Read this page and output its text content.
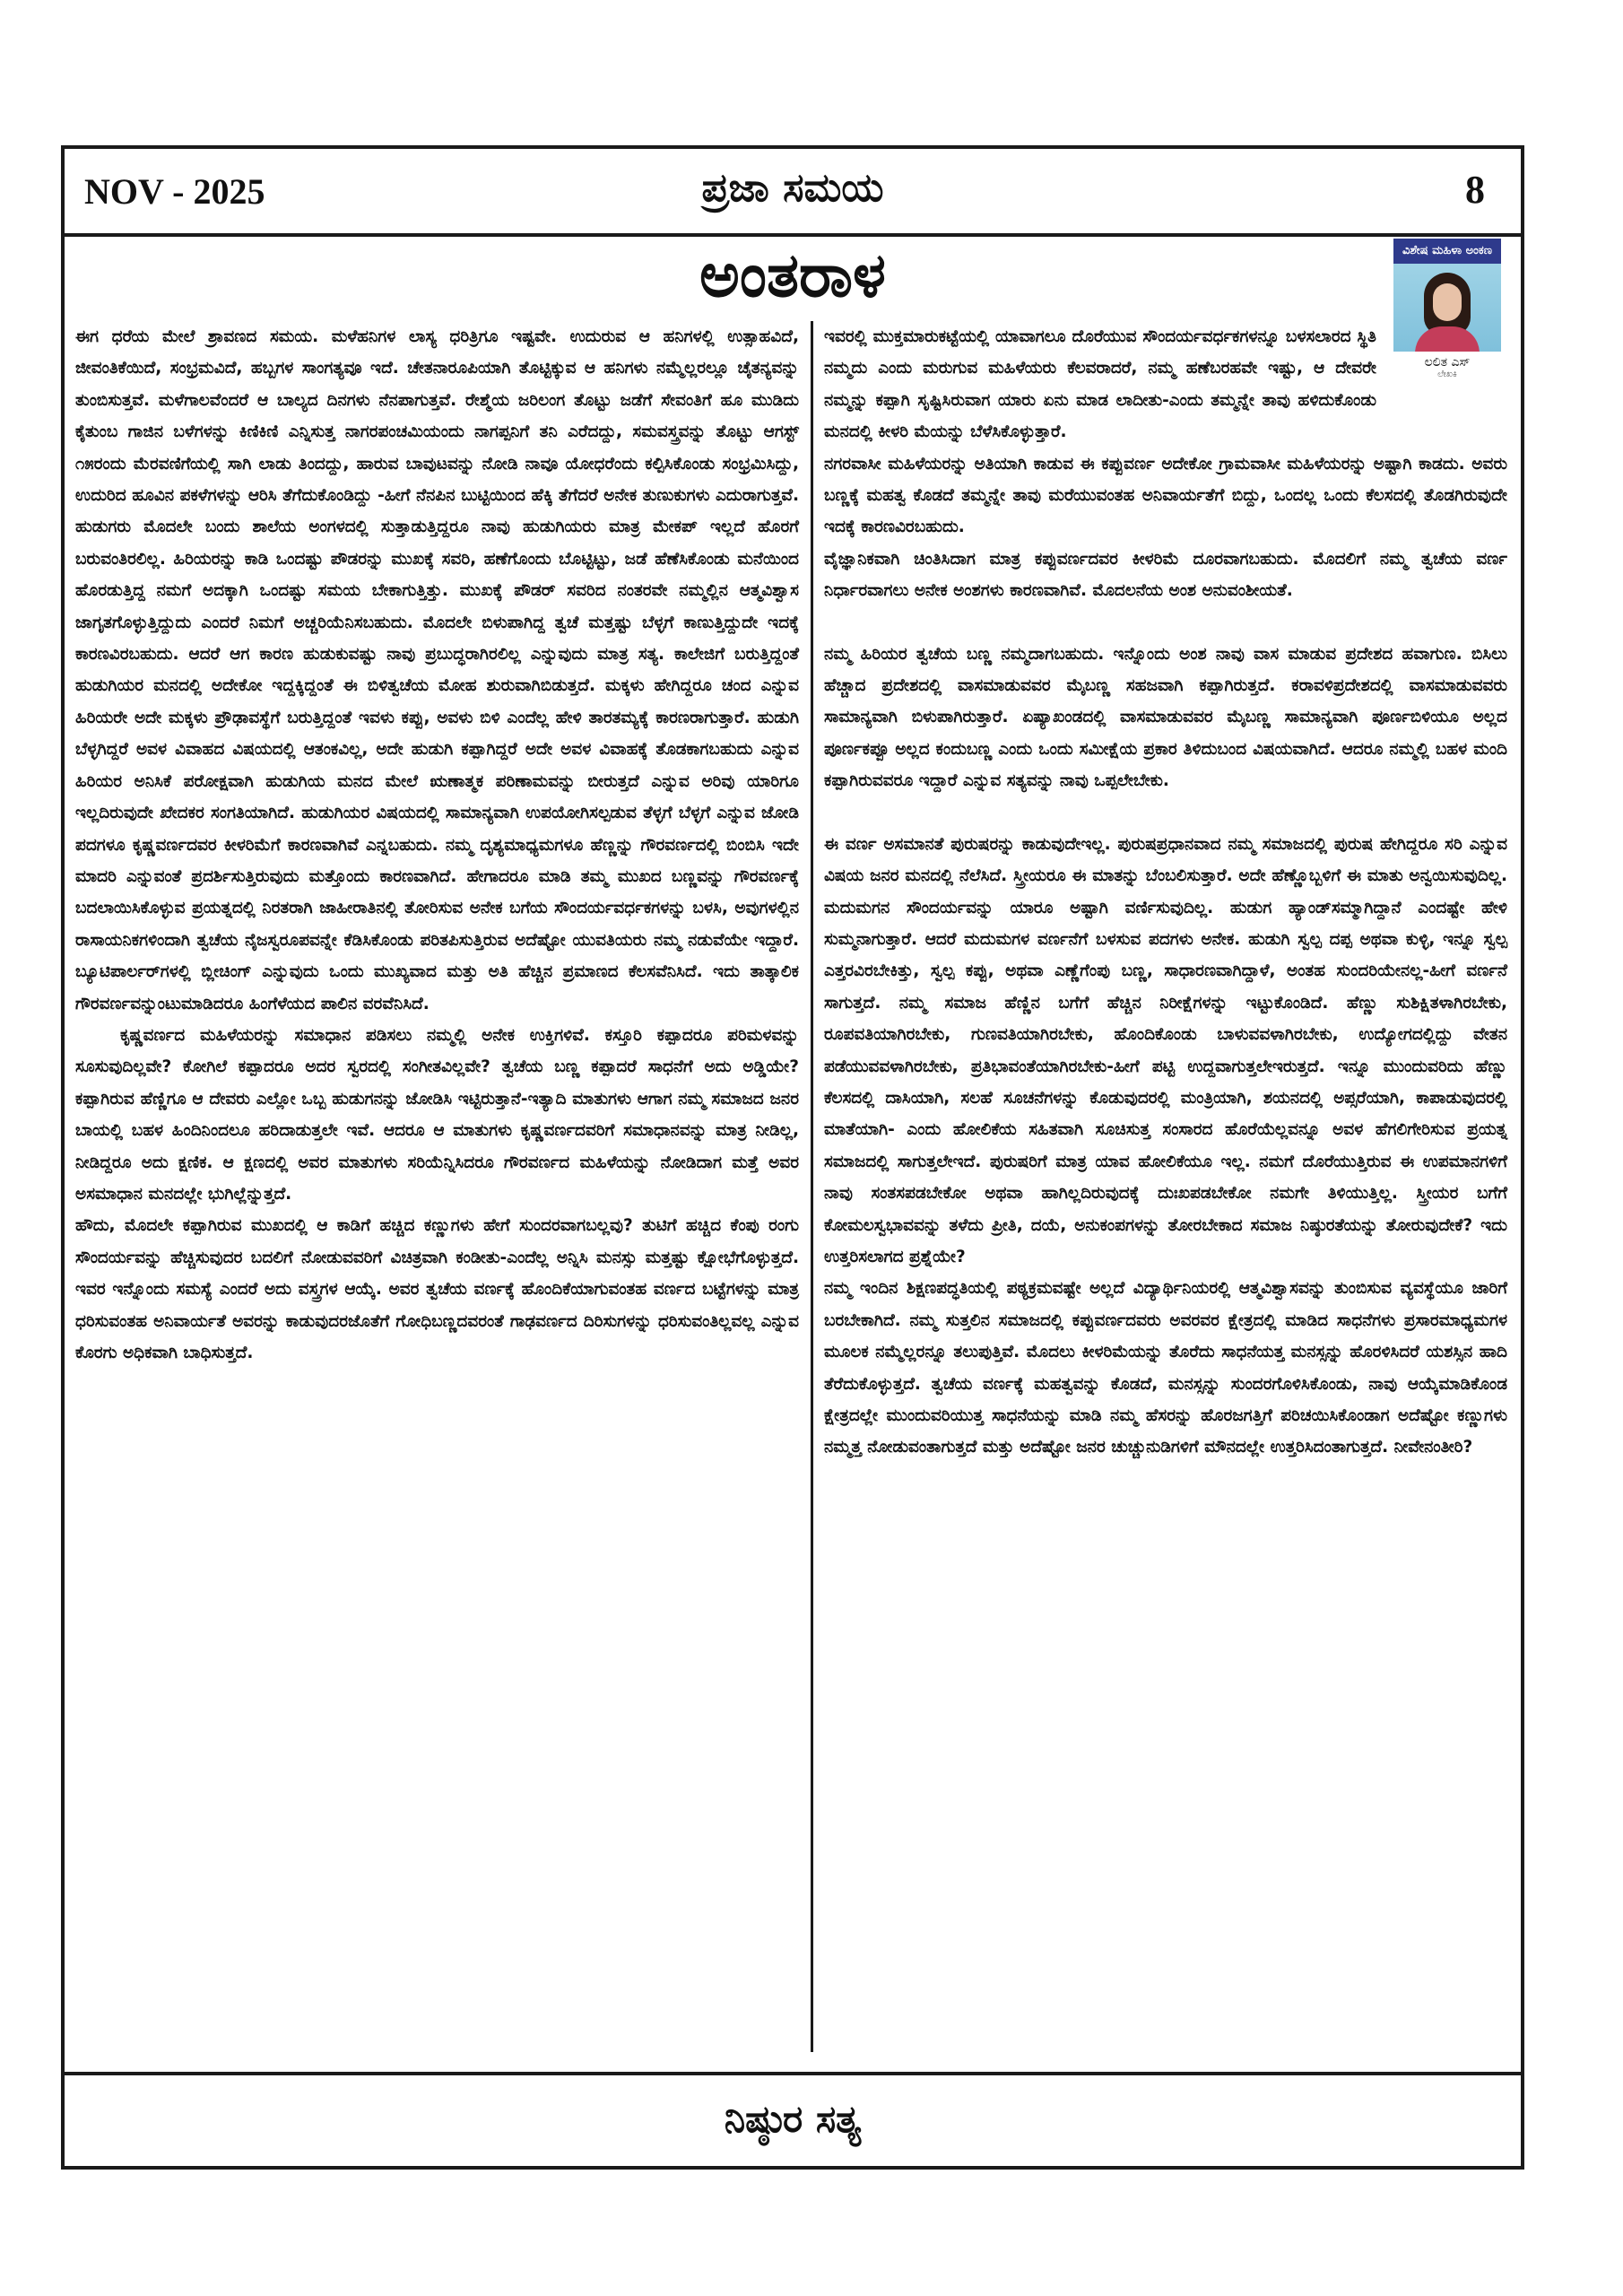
NOV - 2025	ಪ್ರಜಾ ಸಮಯ	8
ಅಂತರಾಳ	ವಿಶೇಷ ಮಹಿಳಾ ಅಂಕಣ
ಲಲಿತ ಎಸ್
ಲೇಖಕಿ

ಈಗ ಧರೆಯ ಮೇಲೆ ಶ್ರಾವಣದ ಸಮಯ. ಮಳೆಹನಿಗಳ ಲಾಸ್ಯ ಧರಿತ್ರಿಗೂ ಇಷ್ಟವೇ. ಉದುರುವ ಆ ಹನಿಗಳಲ್ಲಿ ಉತ್ಸಾಹವಿದೆ, ಜೀವಂತಿಕೆಯಿದೆ, ಸಂಭ್ರಮವಿದೆ, ಹಬ್ಬಗಳ ಸಾಂಗತ್ಯವೂ ಇದೆ. ಚೇತನಾರೂಪಿಯಾಗಿ ತೊಟ್ಟಿಕ್ಕುವ ಆ ಹನಿಗಳು ನಮ್ಮೆಲ್ಲರಲ್ಲೂ ಚೈತನ್ಯವನ್ನು ತುಂಬಿಸುತ್ತವೆ. ಮಳೆಗಾಲವೆಂದರೆ ಆ ಬಾಲ್ಯದ ದಿನಗಳು ನೆನಪಾಗುತ್ತವೆ. ರೇಶ್ಮೆಯ ಜರಿಲಂಗ ತೊಟ್ಟು ಜಡೆಗೆ ಸೇವಂತಿಗೆ ಹೂ ಮುಡಿದು ಕೈತುಂಬ ಗಾಜಿನ ಬಳೆಗಳನ್ನು ಕಿಣಿಕಿಣಿ ಎನ್ನಿಸುತ್ತ ನಾಗರಪಂಚಮಿಯಂದು ನಾಗಪ್ಪನಿಗೆ ತನಿ ಎರೆದದ್ದು, ಸಮವಸ್ತ್ರವನ್ನು ತೊಟ್ಟು ಆಗಸ್ಟ್ ೧೫ರಂದು ಮೆರವಣಿಗೆಯಲ್ಲಿ ಸಾಗಿ ಲಾಡು ತಿಂದದ್ದು, ಹಾರುವ ಬಾವುಟವನ್ನು ನೋಡಿ ನಾವೂ ಯೋಧರೆಂದು ಕಲ್ಪಿಸಿಕೊಂಡು ಸಂಭ್ರಮಿಸಿದ್ದು, ಉದುರಿದ ಹೂವಿನ ಪಕಳೆಗಳನ್ನು ಆರಿಸಿ ತೆಗೆದುಕೊಂಡಿದ್ದು -ಹೀಗೆ ನೆನಪಿನ ಬುಟ್ಟಿಯಿಂದ ಹೆಕ್ಕಿ ತೆಗೆದರೆ ಅನೇಕ ತುಣುಕುಗಳು ಎದುರಾಗುತ್ತವೆ. ಹುಡುಗರು ಮೊದಲೇ ಬಂದು ಶಾಲೆಯ ಅಂಗಳದಲ್ಲಿ ಸುತ್ತಾಡುತ್ತಿದ್ದರೂ ನಾವು ಹುಡುಗಿಯರು ಮಾತ್ರ ಮೇಕಪ್ ಇಲ್ಲದೆ ಹೊರಗೆ ಬರುವಂತಿರಲಿಲ್ಲ. ಹಿರಿಯರನ್ನು ಕಾಡಿ ಒಂದಷ್ಟು ಪೌಡರನ್ನು ಮುಖಕ್ಕೆ ಸವರಿ, ಹಣೆಗೊಂದು ಬೊಟ್ಟಿಟ್ಟು, ಜಡೆ ಹೆಣೆಸಿಕೊಂಡು ಮನೆಯಿಂದ ಹೊರಡುತ್ತಿದ್ದ ನಮಗೆ ಅದಕ್ಕಾಗಿ ಒಂದಷ್ಟು ಸಮಯ ಬೇಕಾಗುತ್ತಿತ್ತು. ಮುಖಕ್ಕೆ ಪೌಡರ್ ಸವರಿದ ನಂತರವೇ ನಮ್ಮಲ್ಲಿನ ಆತ್ಮವಿಶ್ವಾಸ ಜಾಗೃತಗೊಳ್ಳುತ್ತಿದ್ದುದು ಎಂದರೆ ನಿಮಗೆ ಅಚ್ಚರಿಯೆನಿಸಬಹುದು. ಮೊದಲೇ ಬಿಳುಪಾಗಿದ್ದ ತ್ವಚೆ ಮತ್ತಷ್ಟು ಬೆಳ್ಳಗೆ ಕಾಣುತ್ತಿದ್ದುದೇ ಇದಕ್ಕೆ ಕಾರಣವಿರಬಹುದು. ಆದರೆ ಆಗ ಕಾರಣ ಹುಡುಕುವಷ್ಟು ನಾವು ಪ್ರಬುದ್ಧರಾಗಿರಲಿಲ್ಲ ಎನ್ನುವುದು ಮಾತ್ರ ಸತ್ಯ. ಕಾಲೇಜಿಗೆ ಬರುತ್ತಿದ್ದಂತೆ ಹುಡುಗಿಯರ ಮನದಲ್ಲಿ ಅದೇಕೋ ಇದ್ದಕ್ಕಿದ್ದಂತೆ ಈ ಬಿಳಿತ್ವಚೆಯ ಮೋಹ ಶುರುವಾಗಿಬಿಡುತ್ತದೆ. ಮಕ್ಕಳು ಹೇಗಿದ್ದರೂ ಚಂದ ಎನ್ನುವ ಹಿರಿಯರೇ ಅದೇ ಮಕ್ಕಳು ಪ್ರೌಢಾವಸ್ಥೆಗೆ ಬರುತ್ತಿದ್ದಂತೆ ಇವಳು ಕಪ್ಪು, ಅವಳು ಬಿಳಿ ಎಂದೆಲ್ಲ ಹೇಳಿ ತಾರತಮ್ಯಕ್ಕೆ ಕಾರಣರಾಗುತ್ತಾರೆ. ಹುಡುಗಿ ಬೆಳ್ಳಗಿದ್ದರೆ ಅವಳ ವಿವಾಹದ ವಿಷಯದಲ್ಲಿ ಆತಂಕವಿಲ್ಲ, ಅದೇ ಹುಡುಗಿ ಕಪ್ಪಾಗಿದ್ದರೆ ಅದೇ ಅವಳ ವಿವಾಹಕ್ಕೆ ತೊಡಕಾಗಬಹುದು ಎನ್ನುವ ಹಿರಿಯರ ಅನಿಸಿಕೆ ಪರೋಕ್ಷವಾಗಿ ಹುಡುಗಿಯ ಮನದ ಮೇಲೆ ಋಣಾತ್ಮಕ ಪರಿಣಾಮವನ್ನು ಬೀರುತ್ತದೆ ಎನ್ನುವ ಅರಿವು ಯಾರಿಗೂ ಇಲ್ಲದಿರುವುದೇ ಖೇದಕರ ಸಂಗತಿಯಾಗಿದೆ. ಹುಡುಗಿಯರ ವಿಷಯದಲ್ಲಿ ಸಾಮಾನ್ಯವಾಗಿ ಉಪಯೋಗಿಸಲ್ಪಡುವ ತೆಳ್ಳಗೆ ಬೆಳ್ಳಗೆ ಎನ್ನುವ ಜೋಡಿ ಪದಗಳೂ ಕೃಷ್ಣವರ್ಣದವರ ಕೀಳರಿಮೆಗೆ ಕಾರಣವಾಗಿವೆ ಎನ್ನಬಹುದು. ನಮ್ಮ ದೃಶ್ಯಮಾಧ್ಯಮಗಳೂ ಹೆಣ್ಣನ್ನು ಗೌರವರ್ಣದಲ್ಲಿ ಬಿಂಬಿಸಿ ಇದೇ ಮಾದರಿ ಎನ್ನುವಂತೆ ಪ್ರದರ್ಶಿಸುತ್ತಿರುವುದು ಮತ್ತೊಂದು ಕಾರಣವಾಗಿದೆ. ಹೇಗಾದರೂ ಮಾಡಿ ತಮ್ಮ ಮುಖದ ಬಣ್ಣವನ್ನು ಗೌರವರ್ಣಕ್ಕೆ ಬದಲಾಯಿಸಿಕೊಳ್ಳುವ ಪ್ರಯತ್ನದಲ್ಲಿ ನಿರತರಾಗಿ ಜಾಹೀರಾತಿನಲ್ಲಿ ತೋರಿಸುವ ಅನೇಕ ಬಗೆಯ ಸೌಂದರ್ಯವರ್ಧಕಗಳನ್ನು ಬಳಸಿ, ಅವುಗಳಲ್ಲಿನ ರಾಸಾಯನಿಕಗಳಿಂದಾಗಿ ತ್ವಚೆಯ ನೈಜಸ್ವರೂಪವನ್ನೇ ಕೆಡಿಸಿಕೊಂಡು ಪರಿತಪಿಸುತ್ತಿರುವ ಅದೆಷ್ಟೋ ಯುವತಿಯರು ನಮ್ಮ ನಡುವೆಯೇ ಇದ್ದಾರೆ. ಬ್ಯೂಟಿಪಾರ್ಲರ್‌ಗಳಲ್ಲಿ ಬ್ಲೀಚಿಂಗ್ ಎನ್ನುವುದು ಒಂದು ಮುಖ್ಯವಾದ ಮತ್ತು ಅತಿ ಹೆಚ್ಚಿನ ಪ್ರಮಾಣದ ಕೆಲಸವೆನಿಸಿದೆ. ಇದು ತಾತ್ಕಾಲಿಕ ಗೌರವರ್ಣವನ್ನುಂಟುಮಾಡಿದರೂ ಹಿಂಗೆಳೆಯದ ಪಾಲಿನ ವರವೆನಿಸಿದೆ.

ಕೃಷ್ಣವರ್ಣದ ಮಹಿಳೆಯರನ್ನು ಸಮಾಧಾನ ಪಡಿಸಲು ನಮ್ಮಲ್ಲಿ ಅನೇಕ ಉಕ್ತಿಗಳಿವೆ. ಕಸ್ತೂರಿ ಕಪ್ಪಾದರೂ ಪರಿಮಳವನ್ನು ಸೂಸುವುದಿಲ್ಲವೇ? ಕೋಗಿಲೆ ಕಪ್ಪಾದರೂ ಅದರ ಸ್ವರದಲ್ಲಿ ಸಂಗೀತವಿಲ್ಲವೇ? ತ್ವಚೆಯ ಬಣ್ಣ ಕಪ್ಪಾದರೆ ಸಾಧನೆಗೆ ಅದು ಅಡ್ಡಿಯೇ? ಕಪ್ಪಾಗಿರುವ ಹೆಣ್ಣಿಗೂ ಆ ದೇವರು ಎಲ್ಲೋ ಒಬ್ಬ ಹುಡುಗನನ್ನು ಜೋಡಿಸಿ ಇಟ್ಟಿರುತ್ತಾನೆ-ಇತ್ಯಾದಿ ಮಾತುಗಳು ಆಗಾಗ ನಮ್ಮ ಸಮಾಜದ ಜನರ ಬಾಯಲ್ಲಿ ಬಹಳ ಹಿಂದಿನಿಂದಲೂ ಹರಿದಾಡುತ್ತಲೇ ಇವೆ. ಆದರೂ ಆ ಮಾತುಗಳು ಕೃಷ್ಣವರ್ಣದವರಿಗೆ ಸಮಾಧಾನವನ್ನು ಮಾತ್ರ ನೀಡಿಲ್ಲ, ನೀಡಿದ್ದರೂ ಅದು ಕ್ಷಣಿಕ. ಆ ಕ್ಷಣದಲ್ಲಿ ಅವರ ಮಾತುಗಳು ಸರಿಯೆನ್ನಿಸಿದರೂ ಗೌರವರ್ಣದ ಮಹಿಳೆಯನ್ನು ನೋಡಿದಾಗ ಮತ್ತೆ ಅವರ ಅಸಮಾಧಾನ ಮನದಲ್ಲೇ ಭುಗಿಲ್ಲೆನ್ನುತ್ತದೆ.

ಹೌದು, ಮೊದಲೇ ಕಪ್ಪಾಗಿರುವ ಮುಖದಲ್ಲಿ ಆ ಕಾಡಿಗೆ ಹಚ್ಚಿದ ಕಣ್ಣುಗಳು ಹೇಗೆ ಸುಂದರವಾಗಬಲ್ಲವು? ತುಟಿಗೆ ಹಚ್ಚಿದ ಕೆಂಪು ರಂಗು ಸೌಂದರ್ಯವನ್ನು ಹೆಚ್ಚಿಸುವುದರ ಬದಲಿಗೆ ನೋಡುವವರಿಗೆ ವಿಚಿತ್ರವಾಗಿ ಕಂಡೀತು-ಎಂದೆಲ್ಲ ಅನ್ನಿಸಿ ಮನಸ್ಸು ಮತ್ತಷ್ಟು ಕ್ಷೋಭೆಗೊಳ್ಳುತ್ತದೆ. ಇವರ ಇನ್ನೊಂದು ಸಮಸ್ಯೆ ಎಂದರೆ ಅದು ವಸ್ತ್ರಗಳ ಆಯ್ಕೆ. ಅವರ ತ್ವಚೆಯ ವರ್ಣಕ್ಕೆ ಹೊಂದಿಕೆಯಾಗುವಂತಹ ವರ್ಣದ ಬಟ್ಟೆಗಳನ್ನು ಮಾತ್ರ ಧರಿಸುವಂತಹ ಅನಿವಾರ್ಯತೆ ಅವರನ್ನು ಕಾಡುವುದರಜೊತೆಗೆ ಗೋಧಿಬಣ್ಣದವರಂತೆ ಗಾಢವರ್ಣದ ದಿರಿಸುಗಳನ್ನು ಧರಿಸುವಂತಿಲ್ಲವಲ್ಲ ಎನ್ನುವ ಕೊರಗು ಅಧಿಕವಾಗಿ ಬಾಧಿಸುತ್ತದೆ.

ಇವರಲ್ಲಿ ಮುಕ್ತಮಾರುಕಟ್ಟೆಯಲ್ಲಿ ಯಾವಾಗಲೂ ದೊರೆಯುವ ಸೌಂದರ್ಯವರ್ಧಕಗಳನ್ನೂ ಬಳಸಲಾರದ ಸ್ಥಿತಿ ನಮ್ಮದು ಎಂದು ಮರುಗುವ ಮಹಿಳೆಯರು ಕೆಲವರಾದರೆ, ನಮ್ಮ ಹಣೆಬರಹವೇ ಇಷ್ಟು, ಆ ದೇವರೇ ನಮ್ಮನ್ನು ಕಪ್ಪಾಗಿ ಸೃಷ್ಟಿಸಿರುವಾಗ ಯಾರು ಏನು ಮಾಡ ಲಾದೀತು-ಎಂದು ತಮ್ಮನ್ನೇ ತಾವು ಹಳಿದುಕೊಂಡು ಮನದಲ್ಲಿ ಕೀಳರಿ ಮೆಯನ್ನು ಬೆಳೆಸಿಕೊಳ್ಳುತ್ತಾರೆ.

ನಗರವಾಸೀ ಮಹಿಳೆಯರನ್ನು ಅತಿಯಾಗಿ ಕಾಡುವ ಈ ಕಪ್ಪುವರ್ಣ ಅದೇಕೋ ಗ್ರಾಮವಾಸೀ ಮಹಿಳೆಯರನ್ನು ಅಷ್ಟಾಗಿ ಕಾಡದು. ಅವರು ಬಣ್ಣಕ್ಕೆ ಮಹತ್ವ ಕೊಡದೆ ತಮ್ಮನ್ನೇ ತಾವು ಮರೆಯುವಂತಹ ಅನಿವಾರ್ಯತೆಗೆ ಬಿದ್ದು, ಒಂದಲ್ಲ ಒಂದು ಕೆಲಸದಲ್ಲಿ ತೊಡಗಿರುವುದೇ ಇದಕ್ಕೆ ಕಾರಣವಿರಬಹುದು.

ವೈಜ್ಞಾನಿಕವಾಗಿ ಚಿಂತಿಸಿದಾಗ ಮಾತ್ರ ಕಪ್ಪುವರ್ಣದವರ ಕೀಳರಿಮೆ ದೂರವಾಗಬಹುದು. ಮೊದಲಿಗೆ ನಮ್ಮ ತ್ವಚೆಯ ವರ್ಣ ನಿರ್ಧಾರವಾಗಲು ಅನೇಕ ಅಂಶಗಳು ಕಾರಣವಾಗಿವೆ. ಮೊದಲನೆಯ ಅಂಶ ಅನುವಂಶೀಯತೆ.

ನಮ್ಮ ಹಿರಿಯರ ತ್ವಚೆಯ ಬಣ್ಣ ನಮ್ಮದಾಗಬಹುದು. ಇನ್ನೊಂದು ಅಂಶ ನಾವು ವಾಸ ಮಾಡುವ ಪ್ರದೇಶದ ಹವಾಗುಣ. ಬಿಸಿಲು ಹೆಚ್ಚಾದ ಪ್ರದೇಶದಲ್ಲಿ ವಾಸಮಾಡುವವರ ಮೈಬಣ್ಣ ಸಹಜವಾಗಿ ಕಪ್ಪಾಗಿರುತ್ತದೆ. ಕರಾವಳಿಪ್ರದೇಶದಲ್ಲಿ ವಾಸಮಾಡುವವರು ಸಾಮಾನ್ಯವಾಗಿ ಬಿಳುಪಾಗಿರುತ್ತಾರೆ. ಏಷ್ಯಾಖಂಡದಲ್ಲಿ ವಾಸಮಾಡುವವರ ಮೈಬಣ್ಣ ಸಾಮಾನ್ಯವಾಗಿ ಪೂರ್ಣಬಿಳಿಯೂ ಅಲ್ಲದ ಪೂರ್ಣಕಪ್ಪೂ ಅಲ್ಲದ ಕಂದುಬಣ್ಣ ಎಂದು ಒಂದು ಸಮೀಕ್ಷೆಯ ಪ್ರಕಾರ ತಿಳಿದುಬಂದ ವಿಷಯವಾಗಿದೆ. ಆದರೂ ನಮ್ಮಲ್ಲಿ ಬಹಳ ಮಂದಿ ಕಪ್ಪಾಗಿರುವವರೂ ಇದ್ದಾರೆ ಎನ್ನುವ ಸತ್ಯವನ್ನು ನಾವು ಒಪ್ಪಲೇಬೇಕು.

ಈ ವರ್ಣ ಅಸಮಾನತೆ ಪುರುಷರನ್ನು ಕಾಡುವುದೇಇಲ್ಲ. ಪುರುಷಪ್ರಧಾನವಾದ ನಮ್ಮ ಸಮಾಜದಲ್ಲಿ ಪುರುಷ ಹೇಗಿದ್ದರೂ ಸರಿ ಎನ್ನುವ ವಿಷಯ ಜನರ ಮನದಲ್ಲಿ ನೆಲೆಸಿದೆ. ಸ್ತ್ರೀಯರೂ ಈ ಮಾತನ್ನು ಬೆಂಬಲಿಸುತ್ತಾರೆ. ಅದೇ ಹೆಣ್ಣೊಬ್ಬಳಿಗೆ ಈ ಮಾತು ಅನ್ವಯಿಸುವುದಿಲ್ಲ. ಮದುಮಗನ ಸೌಂದರ್ಯವನ್ನು ಯಾರೂ ಅಷ್ಟಾಗಿ ವರ್ಣಿಸುವುದಿಲ್ಲ. ಹುಡುಗ ಹ್ಯಾಂಡ್‌ಸಮ್ಮಾಗಿದ್ದಾನೆ ಎಂದಷ್ಟೇ ಹೇಳಿ ಸುಮ್ಮನಾಗುತ್ತಾರೆ. ಆದರೆ ಮದುಮಗಳ ವರ್ಣನೆಗೆ ಬಳಸುವ ಪದಗಳು ಅನೇಕ. ಹುಡುಗಿ ಸ್ವಲ್ಪ ದಪ್ಪ ಅಥವಾ ಕುಳ್ಳಿ, ಇನ್ನೂ ಸ್ವಲ್ಪ ಎತ್ತರವಿರಬೇಕಿತ್ತು, ಸ್ವಲ್ಪ ಕಪ್ಪು, ಅಥವಾ ಎಣ್ಣೆಗೆಂಪು ಬಣ್ಣ, ಸಾಧಾರಣವಾಗಿದ್ದಾಳೆ, ಅಂತಹ ಸುಂದರಿಯೇನಲ್ಲ-ಹೀಗೆ ವರ್ಣನೆ ಸಾಗುತ್ತದೆ. ನಮ್ಮ ಸಮಾಜ ಹೆಣ್ಣಿನ ಬಗೆಗೆ ಹೆಚ್ಚಿನ ನಿರೀಕ್ಷೆಗಳನ್ನು ಇಟ್ಟುಕೊಂಡಿದೆ. ಹೆಣ್ಣು ಸುಶಿಕ್ಷಿತಳಾಗಿರಬೇಕು, ರೂಪವತಿಯಾಗಿರಬೇಕು, ಗುಣವತಿಯಾಗಿರಬೇಕು, ಹೊಂದಿಕೊಂಡು ಬಾಳುವವಳಾಗಿರಬೇಕು, ಉದ್ಯೋಗದಲ್ಲಿದ್ದು ವೇತನ ಪಡೆಯುವವಳಾಗಿರಬೇಕು, ಪ್ರತಿಭಾವಂತೆಯಾಗಿರಬೇಕು-ಹೀಗೆ ಪಟ್ಟಿ ಉದ್ದವಾಗುತ್ತಲೇಇರುತ್ತದೆ. ಇನ್ನೂ ಮುಂದುವರಿದು ಹೆಣ್ಣು ಕೆಲಸದಲ್ಲಿ ದಾಸಿಯಾಗಿ, ಸಲಹೆ ಸೂಚನೆಗಳನ್ನು ಕೊಡುವುದರಲ್ಲಿ ಮಂತ್ರಿಯಾಗಿ, ಶಯನದಲ್ಲಿ ಅಪ್ಸರೆಯಾಗಿ, ಕಾಪಾಡುವುದರಲ್ಲಿ ಮಾತೆಯಾಗಿ- ಎಂದು ಹೋಲಿಕೆಯ ಸಹಿತವಾಗಿ ಸೂಚಿಸುತ್ತ ಸಂಸಾರದ ಹೊರೆಯೆಲ್ಲವನ್ನೂ ಅವಳ ಹೆಗಲಿಗೇರಿಸುವ ಪ್ರಯತ್ನ ಸಮಾಜದಲ್ಲಿ ಸಾಗುತ್ತಲೇಇದೆ. ಪುರುಷರಿಗೆ ಮಾತ್ರ ಯಾವ ಹೋಲಿಕೆಯೂ ಇಲ್ಲ. ನಮಗೆ ದೊರೆಯುತ್ತಿರುವ ಈ ಉಪಮಾನಗಳಿಗೆ ನಾವು ಸಂತಸಪಡಬೇಕೋ ಅಥವಾ ಹಾಗಿಲ್ಲದಿರುವುದಕ್ಕೆ ದುಃಖಪಡಬೇಕೋ ನಮಗೇ ತಿಳಿಯುತ್ತಿಲ್ಲ. ಸ್ತ್ರೀಯರ ಬಗೆಗೆ ಕೋಮಲಸ್ವಭಾವವನ್ನು ತಳೆದು ಪ್ರೀತಿ, ದಯೆ, ಅನುಕಂಪಗಳನ್ನು ತೋರಬೇಕಾದ ಸಮಾಜ ನಿಷ್ಠುರತೆಯನ್ನು ತೋರುವುದೇಕೆ? ಇದು ಉತ್ತರಿಸಲಾಗದ ಪ್ರಶ್ನೆಯೇ?

ನಮ್ಮ ಇಂದಿನ ಶಿಕ್ಷಣಪದ್ಧತಿಯಲ್ಲಿ ಪಠ್ಯಕ್ರಮವಷ್ಟೇ ಅಲ್ಲದೆ ವಿದ್ಯಾರ್ಥಿನಿಯರಲ್ಲಿ ಆತ್ಮವಿಶ್ವಾಸವನ್ನು ತುಂಬಿಸುವ ವ್ಯವಸ್ಥೆಯೂ ಜಾರಿಗೆ ಬರಬೇಕಾಗಿದೆ. ನಮ್ಮ ಸುತ್ತಲಿನ ಸಮಾಜದಲ್ಲಿ ಕಪ್ಪುವರ್ಣದವರು ಅವರವರ ಕ್ಷೇತ್ರದಲ್ಲಿ ಮಾಡಿದ ಸಾಧನೆಗಳು ಪ್ರಸಾರಮಾಧ್ಯಮಗಳ ಮೂಲಕ ನಮ್ಮೆಲ್ಲರನ್ನೂ ತಲುಪುತ್ತಿವೆ. ಮೊದಲು ಕೀಳರಿಮೆಯನ್ನು ತೊರೆದು ಸಾಧನೆಯತ್ತ ಮನಸ್ಸನ್ನು ಹೊರಳಿಸಿದರೆ ಯಶಸ್ಸಿನ ಹಾದಿ ತೆರೆದುಕೊಳ್ಳುತ್ತದೆ. ತ್ವಚೆಯ ವರ್ಣಕ್ಕೆ ಮಹತ್ವವನ್ನು ಕೊಡದೆ, ಮನಸ್ಸನ್ನು ಸುಂದರಗೊಳಿಸಿಕೊಂಡು, ನಾವು ಆಯ್ಕೆಮಾಡಿಕೊಂಡ ಕ್ಷೇತ್ರದಲ್ಲೇ ಮುಂದುವರಿಯುತ್ತ ಸಾಧನೆಯನ್ನು ಮಾಡಿ ನಮ್ಮ ಹೆಸರನ್ನು ಹೊರಜಗತ್ತಿಗೆ ಪರಿಚಯಿಸಿಕೊಂಡಾಗ ಅದೆಷ್ಟೋ ಕಣ್ಣುಗಳು ನಮ್ಮತ್ತ ನೋಡುವಂತಾಗುತ್ತದೆ ಮತ್ತು ಅದೆಷ್ಟೋ ಜನರ ಚುಚ್ಚುನುಡಿಗಳಿಗೆ ಮೌನದಲ್ಲೇ ಉತ್ತರಿಸಿದಂತಾಗುತ್ತದೆ. ನೀವೇನಂತೀರಿ?

ನಿಷ್ಠುರ ಸತ್ಯ
